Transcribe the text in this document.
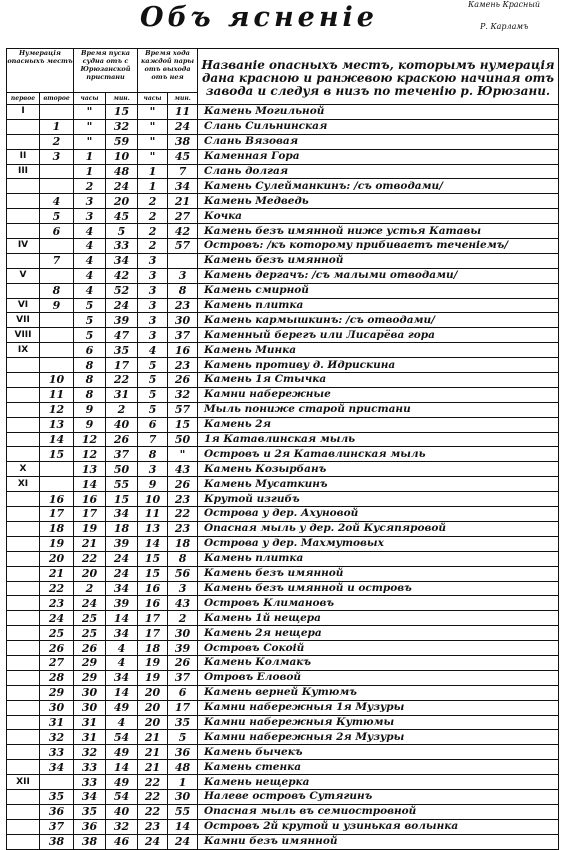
Объ ясненіе	Камень Красный
Р. Карламъ
Нумерація опасныхъ местъ		Время пуска судна отъ с Юрюзанской пристани		Время хода каждой пары отъ выхода отъ нея		Названіе опасныхъ местъ, которымъ нумерація дана красною и ранжевою краскою начиная отъ завода и следуя в низъ по теченію р. Юрюзани.
первое	второе	часы	мин.	часы	мин.	
I		"	15	"	11	Камень Могильной
	1	"	32	"	24	Слань Сильнинская
	2	"	59	"	38	Слань Вязовая
II	3	1	10	"	45	Каменная Гора
III		1	48	1	7	Слань долгая
		2	24	1	34	Камень Сулейманкинъ: /съ отводами/
	4	3	20	2	21	Камень Медведь
	5	3	45	2	27	Кочка
	6	4	5	2	42	Камень безъ имянной ниже устья Катавы
IV		4	33	2	57	Островъ: /къ которому прибиваетъ теченіемъ/
	7	4	34	3		Камень безъ имянной
V		4	42	3	3	Камень дергачъ: /съ малыми отводами/
	8	4	52	3	8	Камень смирной
VI	9	5	24	3	23	Камень плитка
VII		5	39	3	30	Камень кармышкинъ: /съ отводами/
VIII		5	47	3	37	Каменный берегъ или Лисарёва гора
IX		6	35	4	16	Камень Минка
		8	17	5	23	Камень противу д. Идрискина
	10	8	22	5	26	Камень 1я Стычка
	11	8	31	5	32	Камни набережные
	12	9	2	5	57	Мыль пониже старой пристани
	13	9	40	6	15	Камень 2я
	14	12	26	7	50	1я Катавлинская мыль
	15	12	37	8	"	Островъ и 2я Катавлинская мыль
X		13	50	3	43	Камень Козырбанъ
XI		14	55	9	26	Камень Мусаткинъ
	16	16	15	10	23	Крутой изгибъ
	17	17	34	11	22	Острова у дер. Ахуновой
	18	19	18	13	23	Опасная мыль у дер. 2ой Кусяпяровой
	19	21	39	14	18	Острова у дер. Махмутовых
	20	22	24	15	8	Камень плитка
	21	20	24	15	56	Камень безъ имянной
	22	2	34	16	3	Камень безъ имянной и островъ
	23	24	39	16	43	Островъ Климановъ
	24	25	14	17	2	Камень 1й нещера
	25	25	34	17	30	Камень 2я нещера
	26	26	4	18	39	Островъ Сокоій
	27	29	4	19	26	Камень Колмакъ
	28	29	34	19	37	Отровъ Еловой
	29	30	14	20	6	Камень верней Кутюмъ
	30	30	49	20	17	Камни набережныя 1я Музуры
	31	31	4	20	35	Камни набережныя Кутюмы
	32	31	54	21	5	Камни набережныя 2я Музуры
	33	32	49	21	36	Камень бычекъ
	34	33	14	21	48	Камень стенка
XII		33	49	22	1	Камень нещерка
	35	34	54	22	30	Налеве островъ Сутягинъ
	36	35	40	22	55	Опасная мыль въ семиостровной
	37	36	32	23	14	Островъ 2й крутой и узинькая волынка
	38	38	46	24	24	Камни безъ имянной
